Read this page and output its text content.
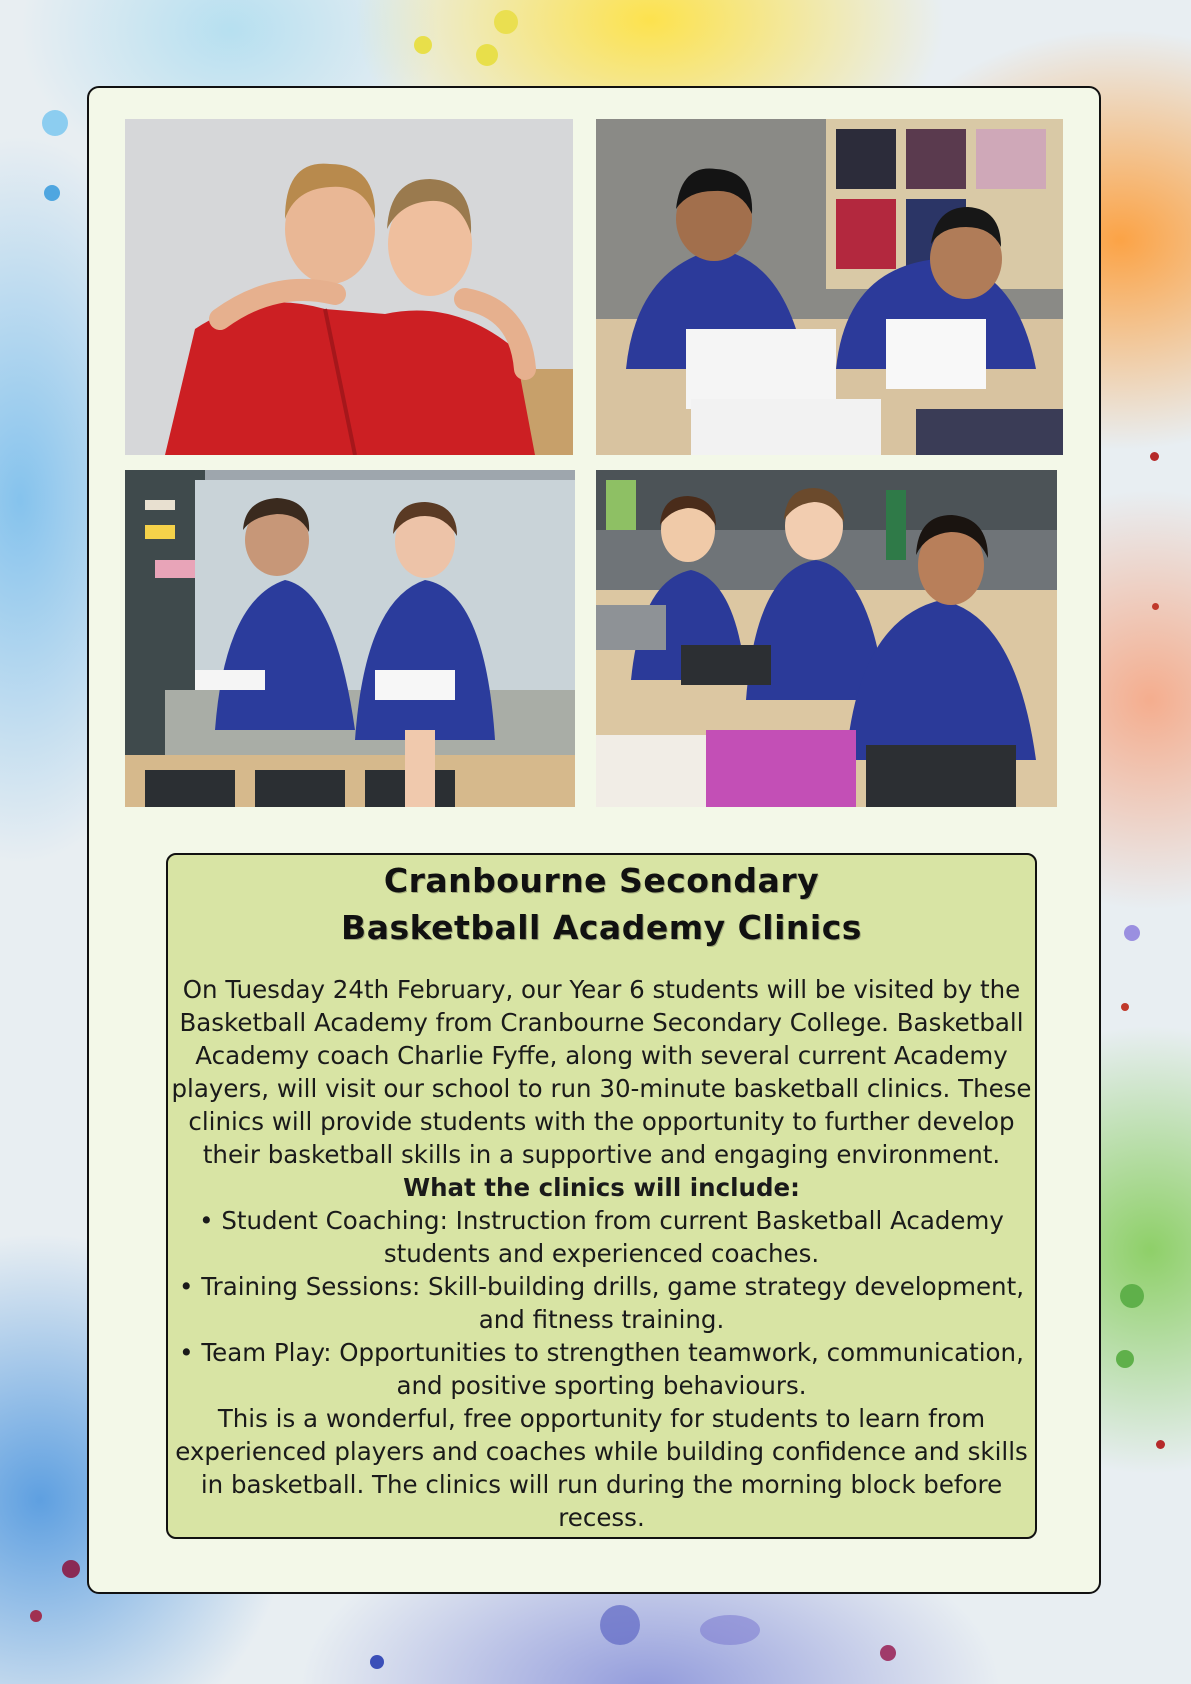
Cranbourne Secondary
Basketball Academy Clinics

On Tuesday 24th February, our Year 6 students will be visited by the Basketball Academy from Cranbourne Secondary College. Basketball Academy coach Charlie Fyffe, along with several current Academy players, will visit our school to run 30-minute basketball clinics. These clinics will provide students with the opportunity to further develop their basketball skills in a supportive and engaging environment.

What the clinics will include:

• Student Coaching: Instruction from current Basketball Academy students and experienced coaches.

• Training Sessions: Skill-building drills, game strategy development, and fitness training.

• Team Play: Opportunities to strengthen teamwork, communication, and positive sporting behaviours.

This is a wonderful, free opportunity for students to learn from experienced players and coaches while building confidence and skills in basketball. The clinics will run during the morning block before recess.
